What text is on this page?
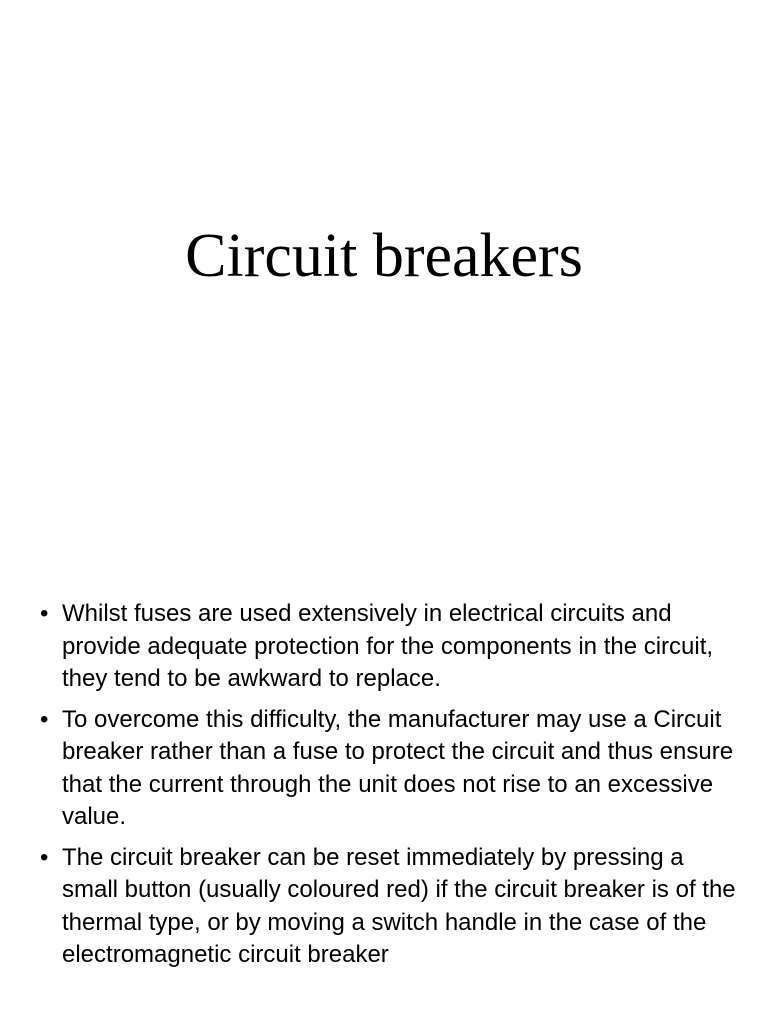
Circuit breakers
• Whilst fuses are used extensively in electrical circuits and provide adequate protection for the components in the circuit, they tend to be awkward to replace.
• To overcome this difficulty, the manufacturer may use a Circuit breaker rather than a fuse to protect the circuit and thus ensure that the current through the unit does not rise to an excessive value.
• The circuit breaker can be reset immediately by pressing a small button (usually coloured red) if the circuit breaker is of the thermal type, or by moving a switch handle in the case of the electromagnetic circuit breaker
